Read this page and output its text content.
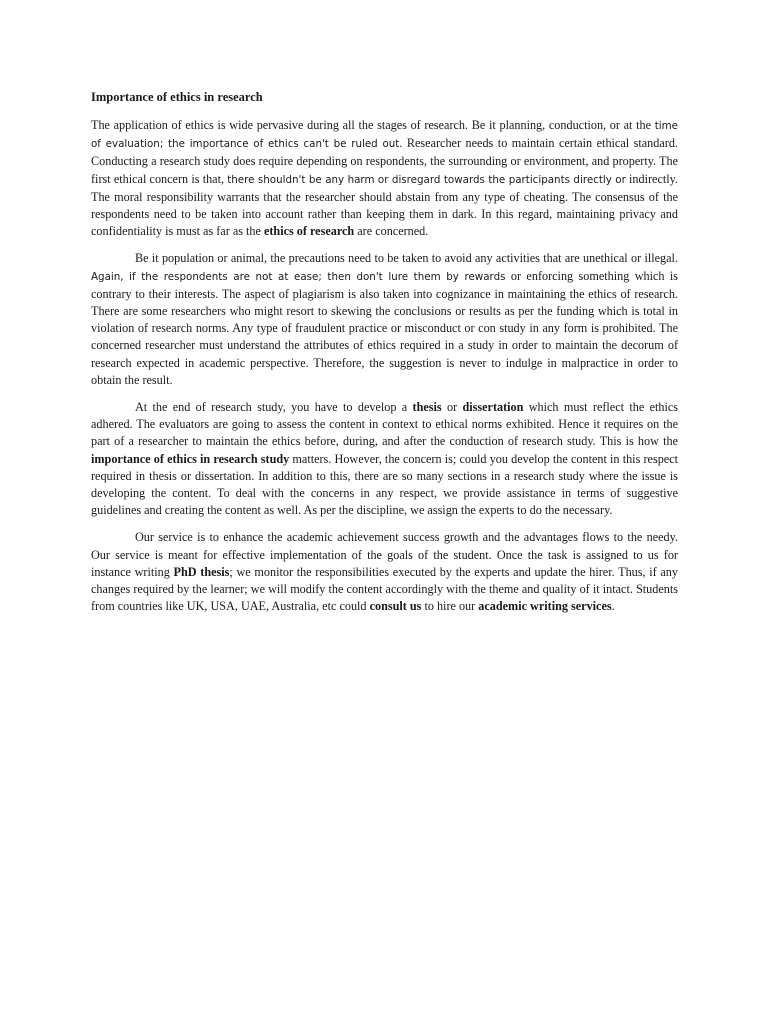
Importance of ethics in research

The application of ethics is wide pervasive during all the stages of research. Be it planning, conduction, or at the time of evaluation; the importance of ethics can't be ruled out. Researcher needs to maintain certain ethical standard. Conducting a research study does require depending on respondents, the surrounding or environment, and property. The first ethical concern is that, there shouldn't be any harm or disregard towards the participants directly or indirectly. The moral responsibility warrants that the researcher should abstain from any type of cheating. The consensus of the respondents need to be taken into account rather than keeping them in dark. In this regard, maintaining privacy and confidentiality is must as far as the ethics of research are concerned.

Be it population or animal, the precautions need to be taken to avoid any activities that are unethical or illegal. Again, if the respondents are not at ease; then don't lure them by rewards or enforcing something which is contrary to their interests. The aspect of plagiarism is also taken into cognizance in maintaining the ethics of research. There are some researchers who might resort to skewing the conclusions or results as per the funding which is total in violation of research norms. Any type of fraudulent practice or misconduct or con study in any form is prohibited. The concerned researcher must understand the attributes of ethics required in a study in order to maintain the decorum of research expected in academic perspective. Therefore, the suggestion is never to indulge in malpractice in order to obtain the result.

At the end of research study, you have to develop a thesis or dissertation which must reflect the ethics adhered. The evaluators are going to assess the content in context to ethical norms exhibited. Hence it requires on the part of a researcher to maintain the ethics before, during, and after the conduction of research study. This is how the importance of ethics in research study matters. However, the concern is; could you develop the content in this respect required in thesis or dissertation. In addition to this, there are so many sections in a research study where the issue is developing the content. To deal with the concerns in any respect, we provide assistance in terms of suggestive guidelines and creating the content as well. As per the discipline, we assign the experts to do the necessary.

Our service is to enhance the academic achievement success growth and the advantages flows to the needy. Our service is meant for effective implementation of the goals of the student. Once the task is assigned to us for instance writing PhD thesis; we monitor the responsibilities executed by the experts and update the hirer. Thus, if any changes required by the learner; we will modify the content accordingly with the theme and quality of it intact. Students from countries like UK, USA, UAE, Australia, etc could consult us to hire our academic writing services.
